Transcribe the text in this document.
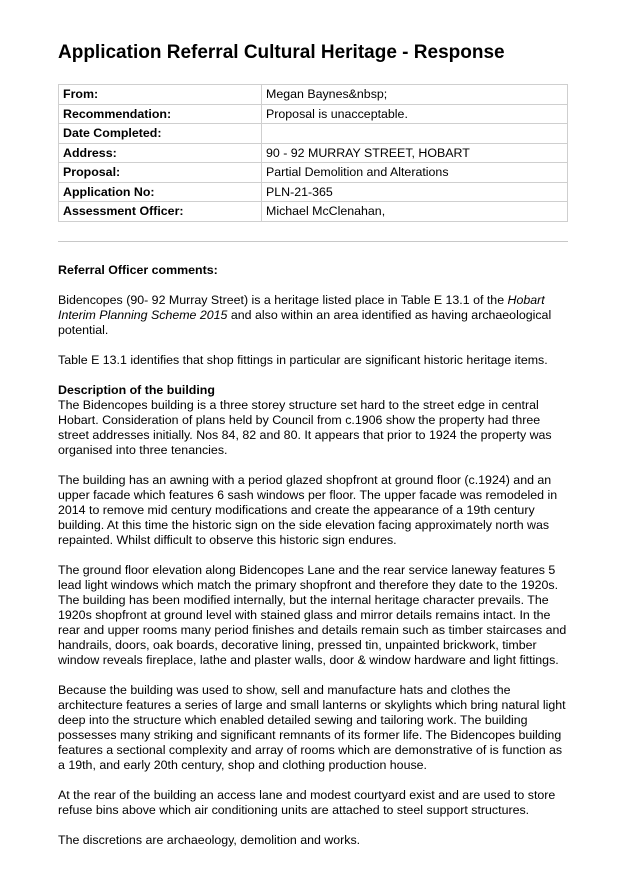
Application Referral Cultural Heritage - Response
From:	Megan Baynes&nbsp;
Recommendation:	Proposal is unacceptable.
Date Completed:	
Address:	90 - 92 MURRAY STREET, HOBART
Proposal:	Partial Demolition and Alterations
Application No:	PLN-21-365
Assessment Officer:	Michael McClenahan,
Referral Officer comments:

Bidencopes (90- 92 Murray Street) is a heritage listed place in Table E 13.1 of the Hobart Interim Planning Scheme 2015 and also within an area identified as having archaeological potential.

Table E 13.1 identifies that shop fittings in particular are significant historic heritage items.

Description of the building

The Bidencopes building is a three storey structure set hard to the street edge in central Hobart. Consideration of plans held by Council from c.1906 show the property had three street addresses initially. Nos 84, 82 and 80. It appears that prior to 1924 the property was organised into three tenancies.

The building has an awning with a period glazed shopfront at ground floor (c.1924) and an upper facade which features 6 sash windows per floor. The upper facade was remodeled in 2014 to remove mid century modifications and create the appearance of a 19th century building. At this time the historic sign on the side elevation facing approximately north was repainted. Whilst difficult to observe this historic sign endures.

The ground floor elevation along Bidencopes Lane and the rear service laneway features 5 lead light windows which match the primary shopfront and therefore they date to the 1920s. The building has been modified internally, but the internal heritage character prevails. The 1920s shopfront at ground level with stained glass and mirror details remains intact. In the rear and upper rooms many period finishes and details remain such as timber staircases and handrails, doors, oak boards, decorative lining, pressed tin, unpainted brickwork, timber window reveals fireplace, lathe and plaster walls, door & window hardware and light fittings.

Because the building was used to show, sell and manufacture hats and clothes the architecture features a series of large and small lanterns or skylights which bring natural light deep into the structure which enabled detailed sewing and tailoring work. The building possesses many striking and significant remnants of its former life. The Bidencopes building features a sectional complexity and array of rooms which are demonstrative of is function as a 19th, and early 20th century, shop and clothing production house.

At the rear of the building an access lane and modest courtyard exist and are used to store refuse bins above which air conditioning units are attached to steel support structures.

The discretions are archaeology, demolition and works.
